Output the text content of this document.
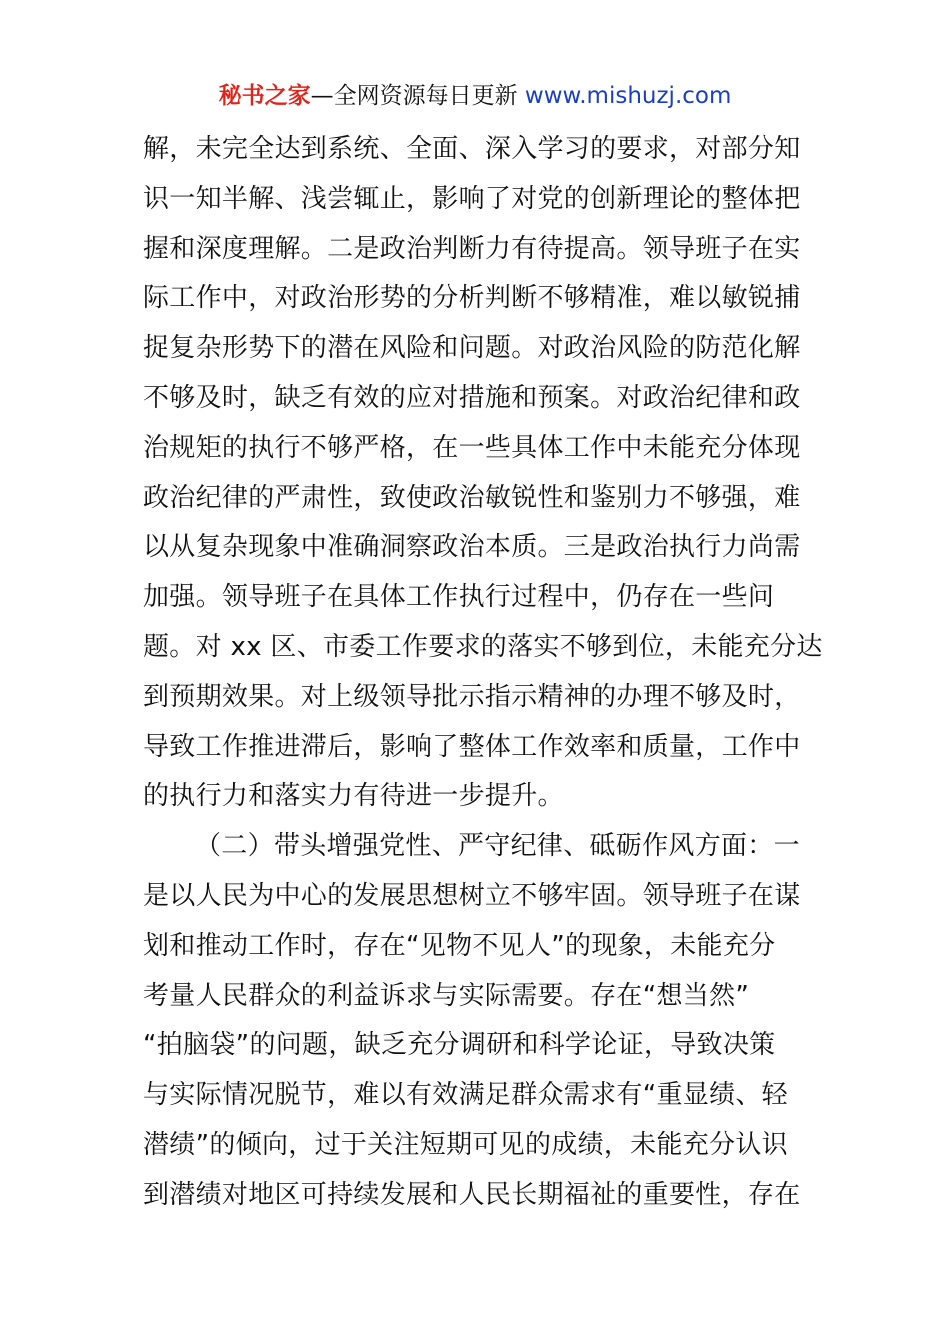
秘书之家—全网资源每日更新 www.mishuzj.com
解，未完全达到系统、全面、深入学习的要求，对部分知
识一知半解、浅尝辄止，影响了对党的创新理论的整体把
握和深度理解。二是政治判断力有待提高。领导班子在实
际工作中，对政治形势的分析判断不够精准，难以敏锐捕
捉复杂形势下的潜在风险和问题。对政治风险的防范化解
不够及时，缺乏有效的应对措施和预案。对政治纪律和政
治规矩的执行不够严格，在一些具体工作中未能充分体现
政治纪律的严肃性，致使政治敏锐性和鉴别力不够强，难
以从复杂现象中准确洞察政治本质。三是政治执行力尚需
加强。领导班子在具体工作执行过程中，仍存在一些问
题。对 xx 区、市委工作要求的落实不够到位，未能充分达
到预期效果。对上级领导批示指示精神的办理不够及时，
导致工作推进滞后，影响了整体工作效率和质量，工作中
的执行力和落实力有待进一步提升。
（二）带头增强党性、严守纪律、砥砺作风方面：一
是以人民为中心的发展思想树立不够牢固。领导班子在谋
划和推动工作时，存在“见物不见人”的现象，未能充分
考量人民群众的利益诉求与实际需要。存在“想当然”
“拍脑袋”的问题，缺乏充分调研和科学论证，导致决策
与实际情况脱节，难以有效满足群众需求有“重显绩、轻
潜绩”的倾向，过于关注短期可见的成绩，未能充分认识
到潜绩对地区可持续发展和人民长期福祉的重要性，存在
